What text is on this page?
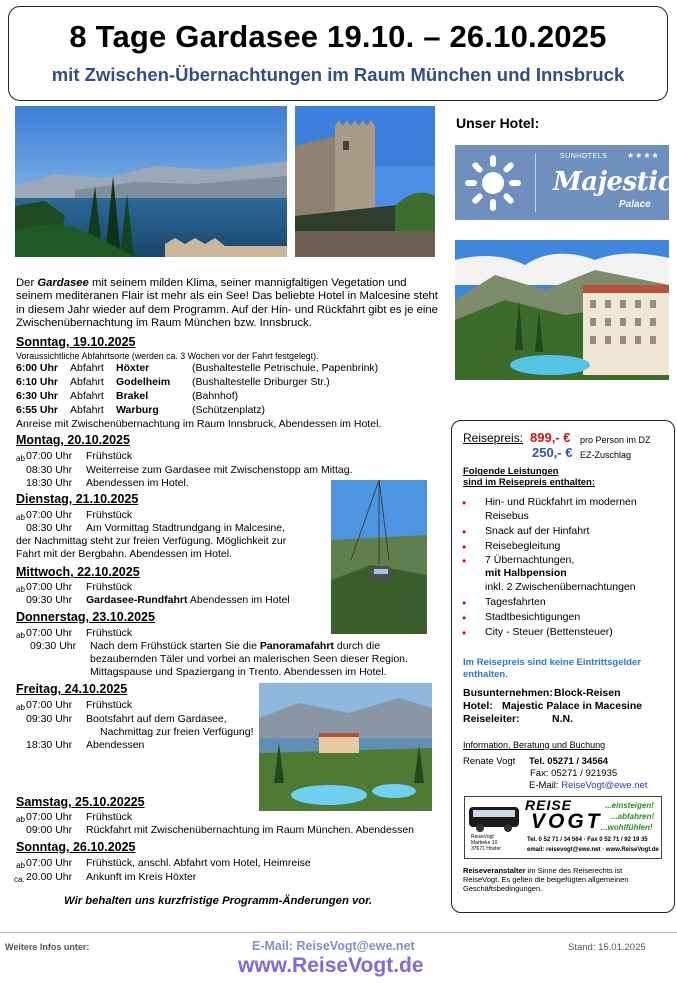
8 Tage Gardasee 19.10. – 26.10.2025
mit Zwischen-Übernachtungen im Raum München und Innsbruck
Unser Hotel:
SUNHOTELS ★★★★
Majestic
Palace
Der Gardasee mit seinem milden Klima, seiner mannigfaltigen Vegetation und seinem mediteranen Flair ist mehr als ein See! Das beliebte Hotel in Malcesine steht in diesem Jahr wieder auf dem Programm. Auf der Hin- und Rückfahrt gibt es je eine Zwischenübernachtung im Raum München bzw. Innsbruck.
Sonntag, 19.10.2025
Voraussichtliche Abfahrtsorte (werden ca. 3 Wochen vor der Fahrt festgelegt).
6:00 Uhr Abfahrt Höxter	(Bushaltestelle Petrischule, Papenbrink)
6:10 Uhr Abfahrt Godelheim (Bushaltestelle Driburger Str.)
6:30 Uhr Abfahrt Brakel	(Bahnhof)
6:55 Uhr Abfahrt Warburg	(Schützenplatz)
Anreise mit Zwischenübernachtung im Raum Innsbruck, Abendessen im Hotel.
Montag, 20.10.2025
ab 07:00 Uhr Frühstück
08:30 Uhr Weiterreise zum Gardasee mit Zwischenstopp am Mittag.
18:30 Uhr Abendessen im Hotel.
Dienstag, 21.10.2025
ab 07:00 Uhr Frühstück
08:30 Uhr Am Vormittag Stadtrundgang in Malcesine,
der Nachmittag steht zur freien Verfügung. Möglichkeit zur
Fahrt mit der Bergbahn. Abendessen im Hotel.
Mittwoch, 22.10.2025
ab 07:00 Uhr Frühstück
09:30 Uhr Gardasee-Rundfahrt Abendessen im Hotel
Donnerstag, 23.10.2025
ab 07:00 Uhr Frühstück
09:30 Uhr Nach dem Frühstück starten Sie die Panoramafahrt durch die
bezaubernden Täler und vorbei an malerischen Seen dieser Region.
Mittagspause und Spaziergang in Trento. Abendessen im Hotel.
Freitag, 24.10.2025
ab 07:00 Uhr Frühstück
09:30 Uhr Bootsfahrt auf dem Gardasee,
Nachmittag zur freien Verfügung!
18:30 Uhr Abendessen
Samstag, 25.10.20225
ab 07:00 Uhr Frühstück
09:00 Uhr Rückfahrt mit Zwischenübernachtung im Raum München. Abendessen
Sonntag, 26.10.2025
ab 07:00 Uhr Frühstück, anschl. Abfahrt vom Hotel, Heimreise
ca. 20.00 Uhr Ankunft im Kreis Höxter
Wir behalten uns kurzfristige Programm-Änderungen vor.
Reisepreis: 899,- € pro Person im DZ
250,- € EZ-Zuschlag
Folgende Leistungen
sind im Reisepreis enthalten:
• Hin- und Rückfahrt im modernen
Reisebus
• Snack auf der Hinfahrt
• Reisebegleitung
• 7 Übernachtungen,
mit Halbpension
inkl. 2 Zwischenübernachtungen
• Tagesfahrten
• Stadtbesichtigungen
• City - Steuer (Bettensteuer)
Im Reisepreis sind keine Eintrittsgelder
enthalten.
Busunternehmen: Block-Reisen
Hotel: Majestic Palace in Macesine
Reiseleiter:	N.N.
Information, Beratung und Buchung
Renate Vogt Tel. 05271 / 34564
Fax: 05271 / 921935
E-Mail: ReiseVogt@ewe.net
REISE
VOGT
...einsteigen!
...abfahren!
...wohlfühlen!
ReiseVogt
Marbeke 10
37671 Höxter
Tel. 0 52 71 / 34 564 · Fax 0 52 71 / 92 19 35
email: reisevogt@ewe.net · www.ReiseVogt.de
Reiseveranstalter im Sinne des Reiserechts ist
ReiseVogt. Es gelten die beigefügten allgemeinen
Geschäftsbedingungen.
Weitere Infos unter:	E-Mail: ReiseVogt@ewe.net
www.ReiseVogt.de
Stand: 15.01.2025
